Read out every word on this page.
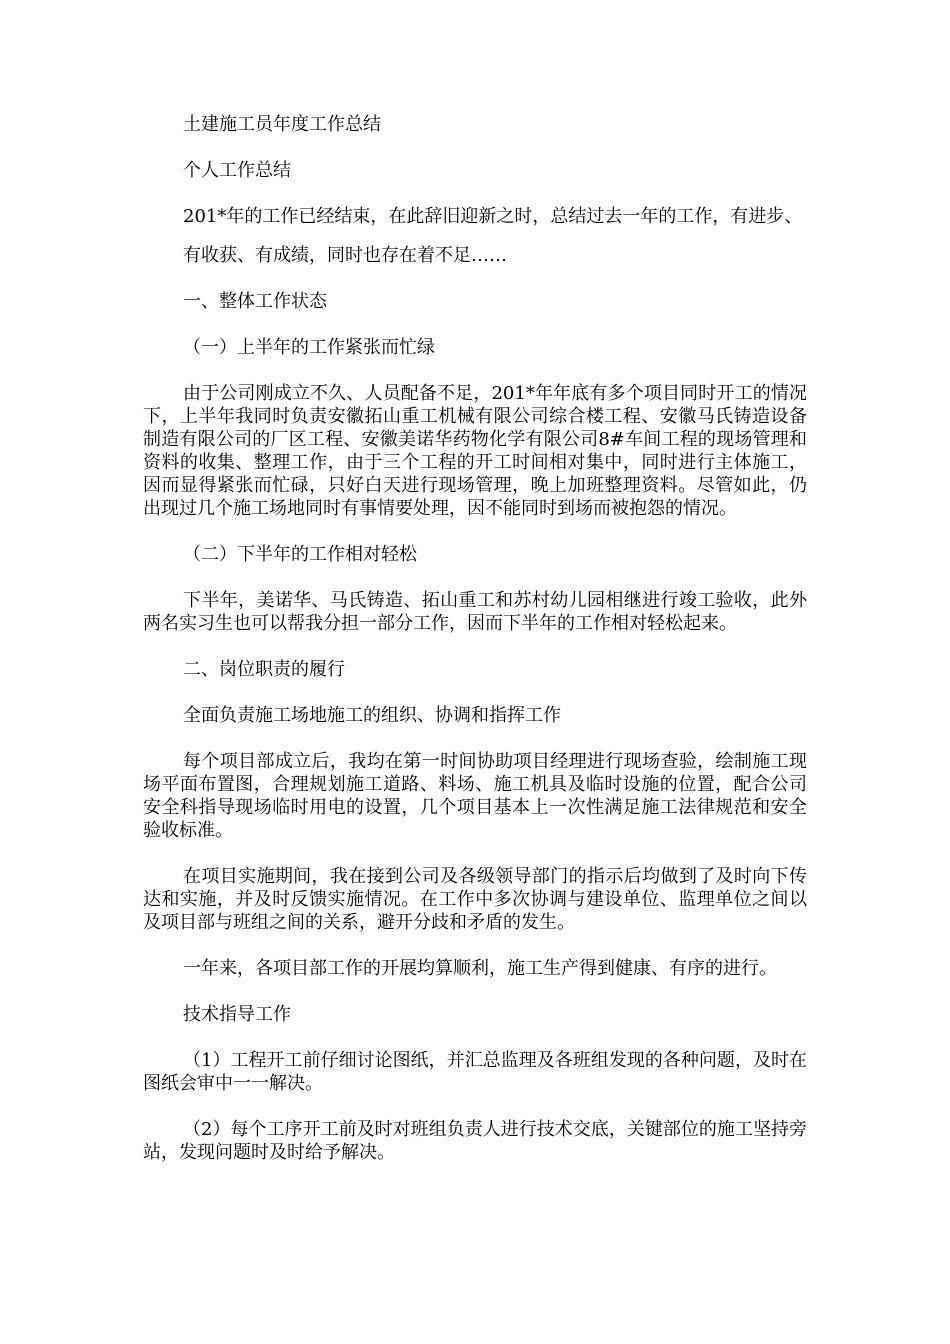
土建施工员年度工作总结

个人工作总结

201*年的工作已经结束，在此辞旧迎新之时，总结过去一年的工作，有进步、

有收获、有成绩，同时也存在着不足……

一、整体工作状态

（一）上半年的工作紧张而忙绿

由于公司刚成立不久、人员配备不足，201*年年底有多个项目同时开工的情况下，上半年我同时负责安徽拓山重工机械有限公司综合楼工程、安徽马氏铸造设备制造有限公司的厂区工程、安徽美诺华药物化学有限公司8#车间工程的现场管理和资料的收集、整理工作，由于三个工程的开工时间相对集中，同时进行主体施工，因而显得紧张而忙碌，只好白天进行现场管理，晚上加班整理资料。尽管如此，仍出现过几个施工场地同时有事情要处理，因不能同时到场而被抱怨的情况。

（二）下半年的工作相对轻松

下半年，美诺华、马氏铸造、拓山重工和苏村幼儿园相继进行竣工验收，此外两名实习生也可以帮我分担一部分工作，因而下半年的工作相对轻松起来。

二、岗位职责的履行

全面负责施工场地施工的组织、协调和指挥工作

每个项目部成立后，我均在第一时间协助项目经理进行现场查验，绘制施工现场平面布置图，合理规划施工道路、料场、施工机具及临时设施的位置，配合公司安全科指导现场临时用电的设置，几个项目基本上一次性满足施工法律规范和安全验收标准。

在项目实施期间，我在接到公司及各级领导部门的指示后均做到了及时向下传达和实施，并及时反馈实施情况。在工作中多次协调与建设单位、监理单位之间以及项目部与班组之间的关系，避开分歧和矛盾的发生。

一年来，各项目部工作的开展均算顺利，施工生产得到健康、有序的进行。

技术指导工作

（1）工程开工前仔细讨论图纸，并汇总监理及各班组发现的各种问题，及时在图纸会审中一一解决。

（2）每个工序开工前及时对班组负责人进行技术交底，关键部位的施工坚持旁站，发现问题时及时给予解决。
